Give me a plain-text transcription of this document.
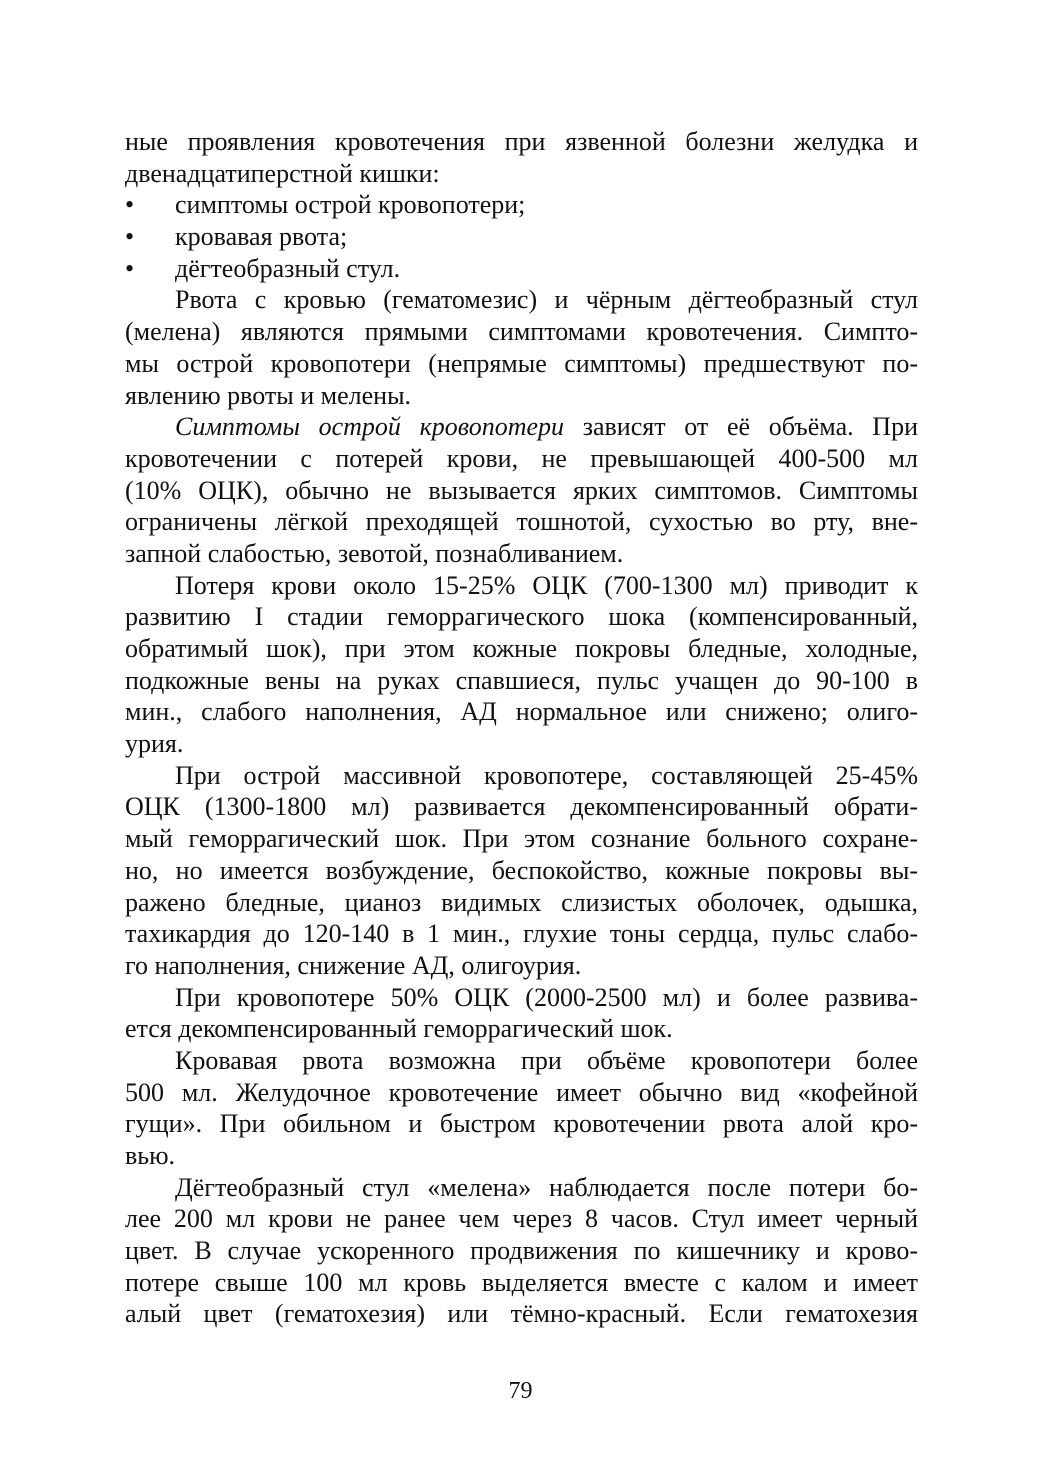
ные проявления кровотечения при язвенной болезни желудка и
двенадцатиперстной кишки:
• симптомы острой кровопотери;
• кровавая рвота;
• дёгтеобразный стул.
Рвота с кровью (гематомезис) и чёрным дёгтеобразный стул
(мелена) являются прямыми симптомами кровотечения. Симпто-
мы острой кровопотери (непрямые симптомы) предшествуют по-
явлению рвоты и мелены.
Симптомы острой кровопотери зависят от её объёма. При
кровотечении с потерей крови, не превышающей 400-500 мл
(10% ОЦК), обычно не вызывается ярких симптомов. Симптомы
ограничены лёгкой преходящей тошнотой, сухостью во рту, вне-
запной слабостью, зевотой, познабливанием.
Потеря крови около 15-25% ОЦК (700-1300 мл) приводит к
развитию I стадии геморрагического шока (компенсированный,
обратимый шок), при этом кожные покровы бледные, холодные,
подкожные вены на руках спавшиеся, пульс учащен до 90-100 в
мин., слабого наполнения, АД нормальное или снижено; олиго-
урия.
При острой массивной кровопотере, составляющей 25-45%
ОЦК (1300-1800 мл) развивается декомпенсированный обрати-
мый геморрагический шок. При этом сознание больного сохране-
но, но имеется возбуждение, беспокойство, кожные покровы вы-
ражено бледные, цианоз видимых слизистых оболочек, одышка,
тахикардия до 120-140 в 1 мин., глухие тоны сердца, пульс слабо-
го наполнения, снижение АД, олигоурия.
При кровопотере 50% ОЦК (2000-2500 мл) и более развива-
ется декомпенсированный геморрагический шок.
Кровавая рвота возможна при объёме кровопотери более
500 мл. Желудочное кровотечение имеет обычно вид «кофейной
гущи». При обильном и быстром кровотечении рвота алой кро-
вью.
Дёгтеобразный стул «мелена» наблюдается после потери бо-
лее 200 мл крови не ранее чем через 8 часов. Стул имеет черный
цвет. В случае ускоренного продвижения по кишечнику и крово-
потере свыше 100 мл кровь выделяется вместе с калом и имеет
алый цвет (гематохезия) или тёмно-красный. Если гематохезия
79
